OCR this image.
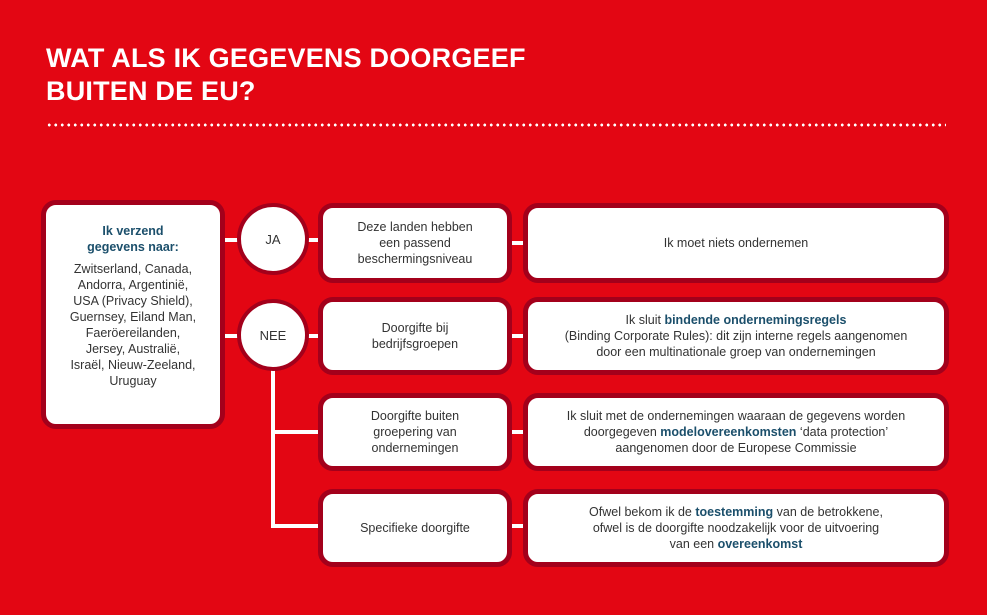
WAT ALS IK GEGEVENS DOORGEEF
BUITEN DE EU?
Ik verzend
gegevens naar:
Zwitserland, Canada,
Andorra, Argentinië,
USA (Privacy Shield),
Guernsey, Eiland Man,
Faeröereilanden,
Jersey, Australië,
Israël, Nieuw-Zeeland,
Uruguay
JA
NEE
Deze landen hebben
een passend
beschermingsniveau
Ik moet niets ondernemen
Doorgifte bij
bedrijfsgroepen
Ik sluit bindende ondernemingsregels
(Binding Corporate Rules): dit zijn interne regels aangenomen
door een multinationale groep van ondernemingen
Doorgifte buiten
groepering van
ondernemingen
Ik sluit met de ondernemingen waaraan de gegevens worden
doorgegeven modelovereenkomsten ‘data protection’
aangenomen door de Europese Commissie
Specifieke doorgifte
Ofwel bekom ik de toestemming van de betrokkene,
ofwel is de doorgifte noodzakelijk voor de uitvoering
van een overeenkomst
